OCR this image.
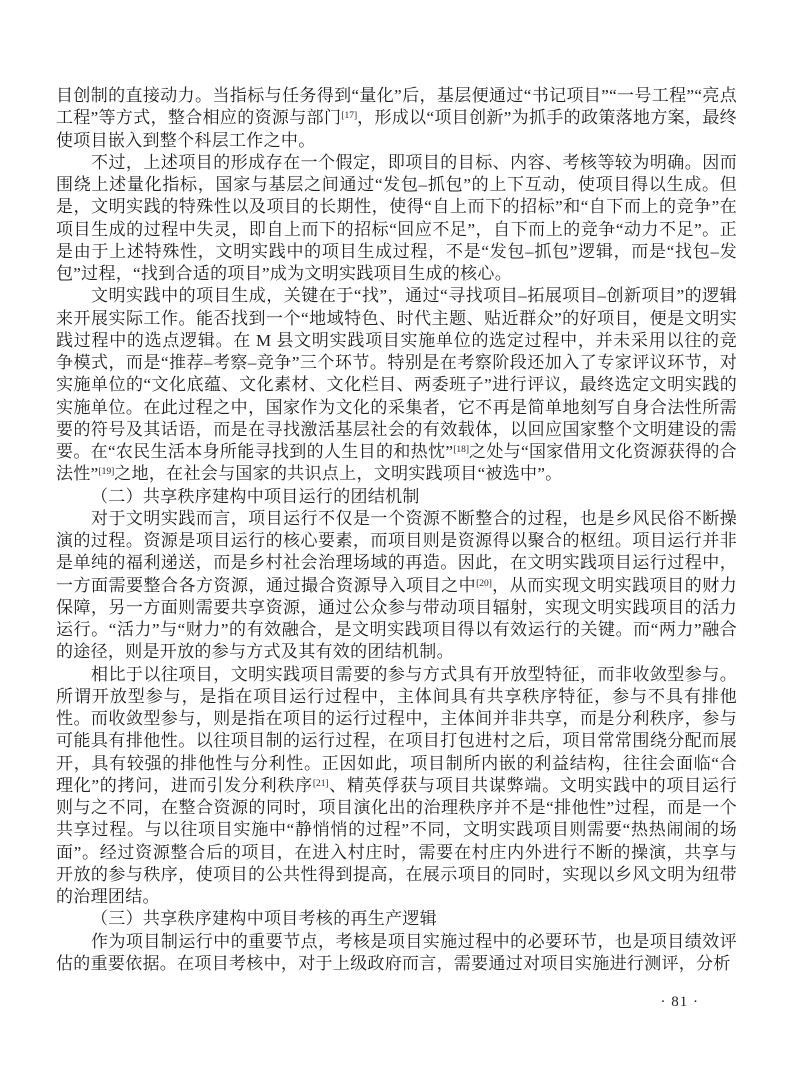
目创制的直接动力。当指标与任务得到“量化”后，基层便通过“书记项目”“一号工程”“亮点工程”等方式，整合相应的资源与部门[17]，形成以“项目创新”为抓手的政策落地方案，最终使项目嵌入到整个科层工作之中。

不过，上述项目的形成存在一个假定，即项目的目标、内容、考核等较为明确。因而围绕上述量化指标，国家与基层之间通过“发包–抓包”的上下互动，使项目得以生成。但是，文明实践的特殊性以及项目的长期性，使得“自上而下的招标”和“自下而上的竞争”在项目生成的过程中失灵，即自上而下的招标“回应不足”，自下而上的竞争“动力不足”。正是由于上述特殊性，文明实践中的项目生成过程，不是“发包–抓包”逻辑，而是“找包–发包”过程，“找到合适的项目”成为文明实践项目生成的核心。

文明实践中的项目生成，关键在于“找”，通过“寻找项目–拓展项目–创新项目”的逻辑来开展实际工作。能否找到一个“地域特色、时代主题、贴近群众”的好项目，便是文明实践过程中的选点逻辑。在 M 县文明实践项目实施单位的选定过程中，并未采用以往的竞争模式，而是“推荐–考察–竞争”三个环节。特别是在考察阶段还加入了专家评议环节，对实施单位的“文化底蕴、文化素材、文化栏目、两委班子”进行评议，最终选定文明实践的实施单位。在此过程之中，国家作为文化的采集者，它不再是简单地刻写自身合法性所需要的符号及其话语，而是在寻找激活基层社会的有效载体，以回应国家整个文明建设的需要。在“农民生活本身所能寻找到的人生目的和热忱”[18]之处与“国家借用文化资源获得的合法性”[19]之地，在社会与国家的共识点上，文明实践项目“被选中”。

（二）共享秩序建构中项目运行的团结机制

对于文明实践而言，项目运行不仅是一个资源不断整合的过程，也是乡风民俗不断操演的过程。资源是项目运行的核心要素，而项目则是资源得以聚合的枢纽。项目运行并非是单纯的福利递送，而是乡村社会治理场域的再造。因此，在文明实践项目运行过程中，一方面需要整合各方资源，通过撮合资源导入项目之中[20]，从而实现文明实践项目的财力保障，另一方面则需要共享资源，通过公众参与带动项目辐射，实现文明实践项目的活力运行。“活力”与“财力”的有效融合，是文明实践项目得以有效运行的关键。而“两力”融合的途径，则是开放的参与方式及其有效的团结机制。

相比于以往项目，文明实践项目需要的参与方式具有开放型特征，而非收敛型参与。所谓开放型参与，是指在项目运行过程中，主体间具有共享秩序特征，参与不具有排他性。而收敛型参与，则是指在项目的运行过程中，主体间并非共享，而是分利秩序，参与可能具有排他性。以往项目制的运行过程，在项目打包进村之后，项目常常围绕分配而展开，具有较强的排他性与分利性。正因如此，项目制所内嵌的利益结构，往往会面临“合理化”的拷问，进而引发分利秩序[21]、精英俘获与项目共谋弊端。文明实践中的项目运行则与之不同，在整合资源的同时，项目演化出的治理秩序并不是“排他性”过程，而是一个共享过程。与以往项目实施中“静悄悄的过程”不同，文明实践项目则需要“热热闹闹的场面”。经过资源整合后的项目，在进入村庄时，需要在村庄内外进行不断的操演，共享与开放的参与秩序，使项目的公共性得到提高，在展示项目的同时，实现以乡风文明为纽带的治理团结。

（三）共享秩序建构中项目考核的再生产逻辑

作为项目制运行中的重要节点，考核是项目实施过程中的必要环节，也是项目绩效评估的重要依据。在项目考核中，对于上级政府而言，需要通过对项目实施进行测评，分析

· 81 ·
